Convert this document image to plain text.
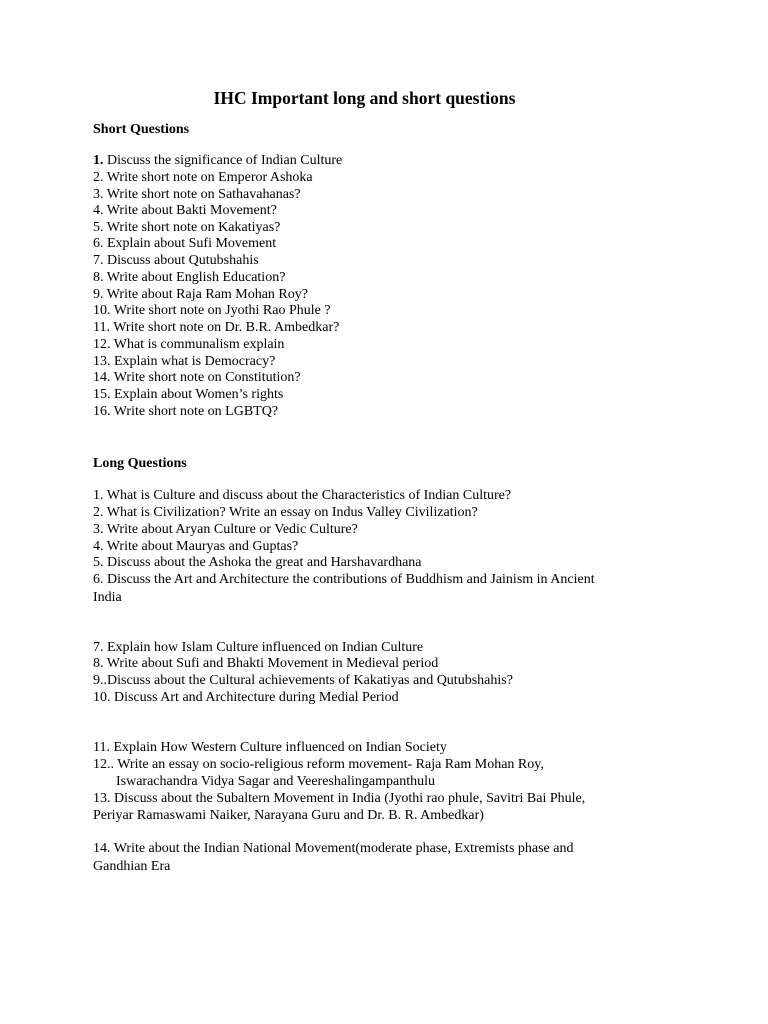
IHC Important long and short questions
Short Questions

1. Discuss the significance of Indian Culture

2. Write short note on Emperor Ashoka

3. Write short note on Sathavahanas?

4. Write about Bakti Movement?

5. Write short note on Kakatiyas?

6. Explain about Sufi Movement

7. Discuss about Qutubshahis

8. Write about English Education?

9. Write about Raja Ram Mohan Roy?

10. Write short note on Jyothi Rao Phule ?

11. Write short note on Dr. B.R. Ambedkar?

12. What is communalism explain

13. Explain what is Democracy?

14. Write short note on Constitution?

15. Explain about Women’s rights

16. Write short note on LGBTQ?

Long Questions

1. What is Culture and discuss about the Characteristics of Indian Culture?

2. What is Civilization? Write an essay on Indus Valley Civilization?

3. Write about Aryan Culture or Vedic Culture?

4. Write about Mauryas and Guptas?

5. Discuss about the Ashoka the great and Harshavardhana

6. Discuss the Art and Architecture the contributions of Buddhism and Jainism in Ancient

India

7. Explain how Islam Culture influenced on Indian Culture

8. Write about Sufi and Bhakti Movement in Medieval period

9..Discuss about the Cultural achievements of Kakatiyas and Qutubshahis?

10. Discuss Art and Architecture during Medial Period

11. Explain How Western Culture influenced on Indian Society

12.. Write an essay on socio-religious reform movement- Raja Ram Mohan Roy,

Iswarachandra Vidya Sagar and Veereshalingampanthulu

13. Discuss about the Subaltern Movement in India (Jyothi rao phule, Savitri Bai Phule,

Periyar Ramaswami Naiker, Narayana Guru and Dr. B. R. Ambedkar)

14. Write about the Indian National Movement(moderate phase, Extremists phase and

Gandhian Era
